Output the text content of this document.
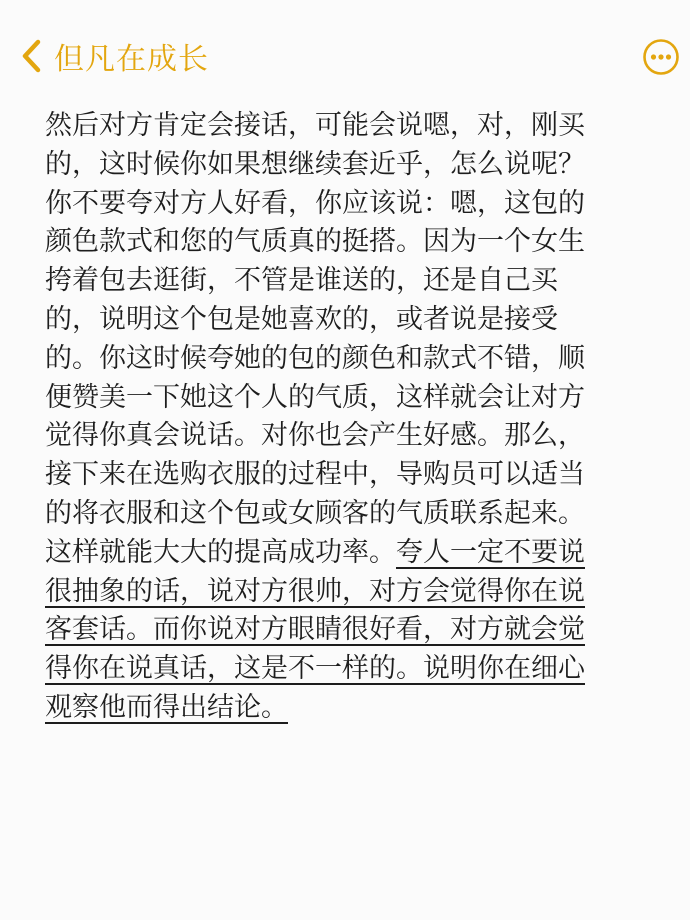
但凡在成长
然后对方肯定会接话，可能会说嗯，对，刚买
的，这时候你如果想继续套近乎，怎么说呢？
你不要夸对方人好看，你应该说：嗯，这包的
颜色款式和您的气质真的挺搭。因为一个女生
挎着包去逛街，不管是谁送的，还是自己买
的，说明这个包是她喜欢的，或者说是接受
的。你这时候夸她的包的颜色和款式不错，顺
便赞美一下她这个人的气质，这样就会让对方
觉得你真会说话。对你也会产生好感。那么，
接下来在选购衣服的过程中，导购员可以适当
的将衣服和这个包或女顾客的气质联系起来。
这样就能大大的提高成功率。夸人一定不要说
很抽象的话，说对方很帅，对方会觉得你在说
客套话。而你说对方眼睛很好看，对方就会觉
得你在说真话，这是不一样的。说明你在细心
观察他而得出结论。
